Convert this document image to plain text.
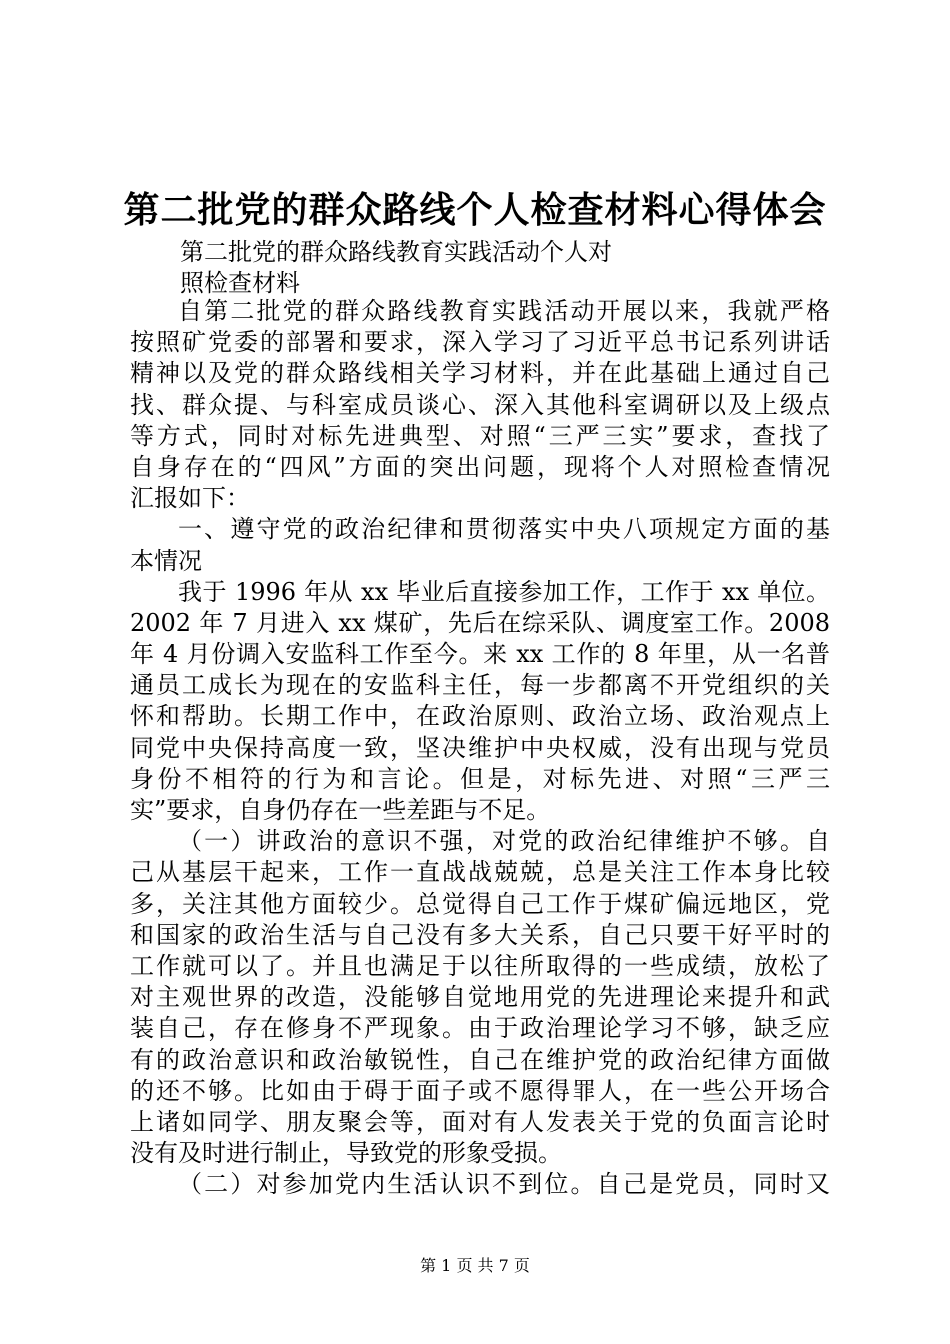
第二批党的群众路线个人检查材料心得体会
第二批党的群众路线教育实践活动个人对
照检查材料
自第二批党的群众路线教育实践活动开展以来，我就严格
按照矿党委的部署和要求，深入学习了习近平总书记系列讲话
精神以及党的群众路线相关学习材料，并在此基础上通过自己
找、群众提、与科室成员谈心、深入其他科室调研以及上级点
等方式，同时对标先进典型、对照“三严三实”要求，查找了
自身存在的“四风”方面的突出问题，现将个人对照检查情况
汇报如下：
一、遵守党的政治纪律和贯彻落实中央八项规定方面的基
本情况
我于 1996 年从 xx 毕业后直接参加工作，工作于 xx 单位。
2002 年 7 月进入 xx 煤矿，先后在综采队、调度室工作。2008
年 4 月份调入安监科工作至今。来 xx 工作的 8 年里，从一名普
通员工成长为现在的安监科主任，每一步都离不开党组织的关
怀和帮助。长期工作中，在政治原则、政治立场、政治观点上
同党中央保持高度一致，坚决维护中央权威，没有出现与党员
身份不相符的行为和言论。但是，对标先进、对照“三严三
实”要求，自身仍存在一些差距与不足。
（一）讲政治的意识不强，对党的政治纪律维护不够。自
己从基层干起来，工作一直战战兢兢，总是关注工作本身比较
多，关注其他方面较少。总觉得自己工作于煤矿偏远地区，党
和国家的政治生活与自己没有多大关系，自己只要干好平时的
工作就可以了。并且也满足于以往所取得的一些成绩，放松了
对主观世界的改造，没能够自觉地用党的先进理论来提升和武
装自己，存在修身不严现象。由于政治理论学习不够，缺乏应
有的政治意识和政治敏锐性，自己在维护党的政治纪律方面做
的还不够。比如由于碍于面子或不愿得罪人，在一些公开场合
上诸如同学、朋友聚会等，面对有人发表关于党的负面言论时
没有及时进行制止，导致党的形象受损。
（二）对参加党内生活认识不到位。自己是党员，同时又
第 1 页 共 7 页
